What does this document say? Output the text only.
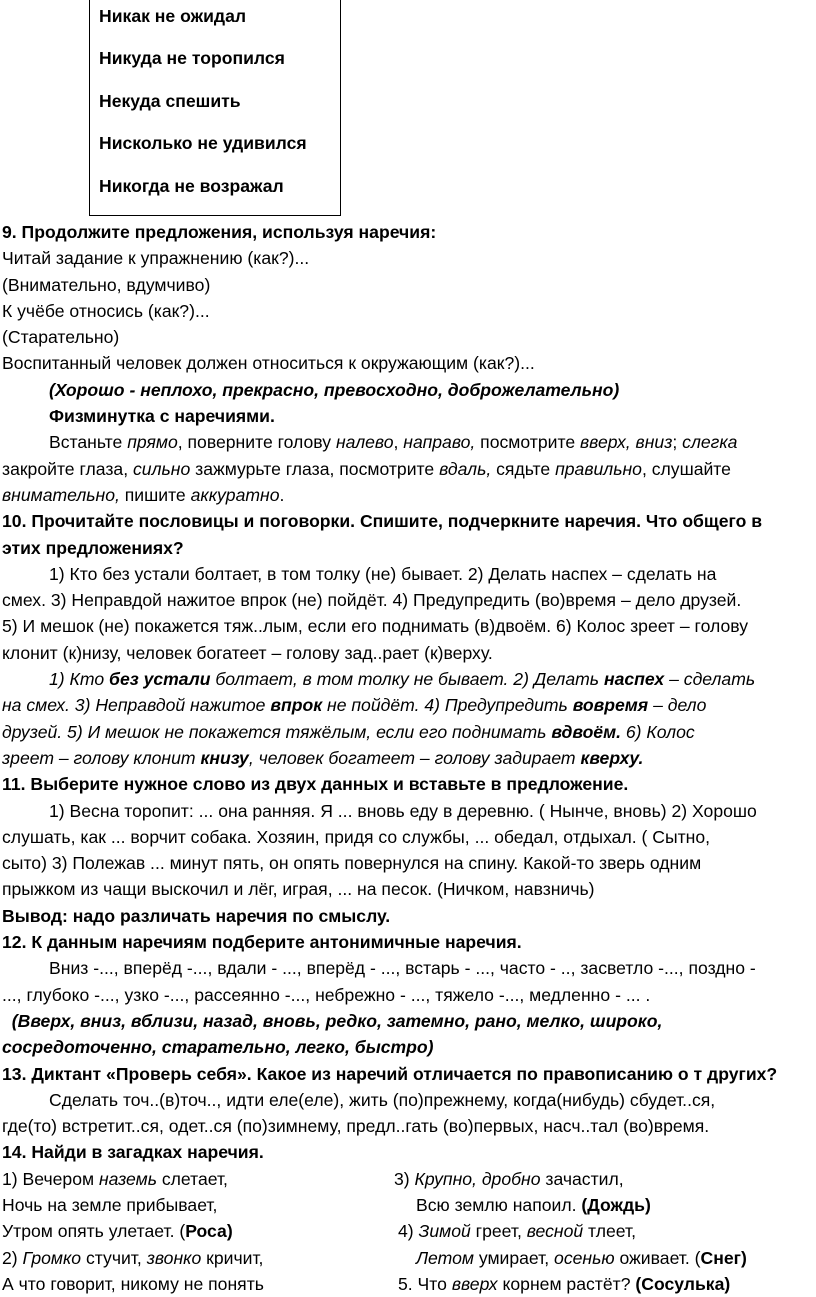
Никак не ожидал
Никуда не торопился
Некуда спешить
Нисколько не удивился
Никогда не возражал
9. Продолжите предложения, используя наречия:
Читай задание к упражнению (как?)...
(Внимательно, вдумчиво)
К учёбе относись (как?)...
(Старательно)
Воспитанный человек должен относиться к окружающим (как?)...
(Хорошо - неплохо, прекрасно, превосходно, доброжелательно)
Физминутка с наречиями.
Встаньте прямо, поверните голову налево, направо, посмотрите вверх, вниз; слегка
закройте глаза, сильно зажмурьте глаза, посмотрите вдаль, сядьте правильно, слушайте
внимательно, пишите аккуратно.
10. Прочитайте пословицы и поговорки. Спишите, подчеркните наречия. Что общего в
этих предложениях?
1) Кто без устали болтает, в том толку (не) бывает. 2) Делать наспех – сделать на
смех. 3) Неправдой нажитое впрок (не) пойдёт. 4) Предупредить (во)время – дело друзей.
5) И мешок (не) покажется тяж..лым, если его поднимать (в)двоём. 6) Колос зреет – голову
клонит (к)низу, человек богатеет – голову зад..рает (к)верху.
1) Кто без устали болтает, в том толку не бывает. 2) Делать наспех – сделать
на смех. 3) Неправдой нажитое впрок не пойдёт. 4) Предупредить вовремя – дело
друзей. 5) И мешок не покажется тяжёлым, если его поднимать вдвоём. 6) Колос
зреет – голову клонит книзу, человек богатеет – голову задирает кверху.
11. Выберите нужное слово из двух данных и вставьте в предложение.
1) Весна торопит: ... она ранняя. Я ... вновь еду в деревню. ( Нынче, вновь) 2) Хорошо
слушать, как ... ворчит собака. Хозяин, придя со службы, ... обедал, отдыхал. ( Сытно,
сыто) 3) Полежав ... минут пять, он опять повернулся на спину. Какой-то зверь одним
прыжком из чащи выскочил и лёг, играя, ... на песок. (Ничком, навзничь)
Вывод: надо различать наречия по смыслу.
12. К данным наречиям подберите антонимичные наречия.
Вниз -..., вперёд -..., вдали - ..., вперёд - ..., встарь - ..., часто - .., засветло -..., поздно -
..., глубоко -..., узко -..., рассеянно -..., небрежно - ..., тяжело -..., медленно - ... .
(Вверх, вниз, вблизи, назад, вновь, редко, затемно, рано, мелко, широко,
сосредоточенно, старательно, легко, быстро)
13. Диктант «Проверь себя». Какое из наречий отличается по правописанию о т других?
Сделать точ..(в)точ.., идти еле(еле), жить (по)прежнему, когда(нибудь) сбудет..ся,
где(то) встретит..ся, одет..ся (по)зимнему, предл..гать (во)первых, насч..тал (во)время.
14. Найди в загадках наречия.
1) Вечером наземь слетает,	3) Крупно, дробно зачастил,
Ночь на земле прибывает,	Всю землю напоил. (Дождь)
Утром опять улетает. (Роса)	4) Зимой греет, весной тлеет,
2) Громко стучит, звонко кричит,	Летом умирает, осенью оживает. (Снег)
А что говорит, никому не понять	5. Что вверх корнем растёт? (Сосулька)
